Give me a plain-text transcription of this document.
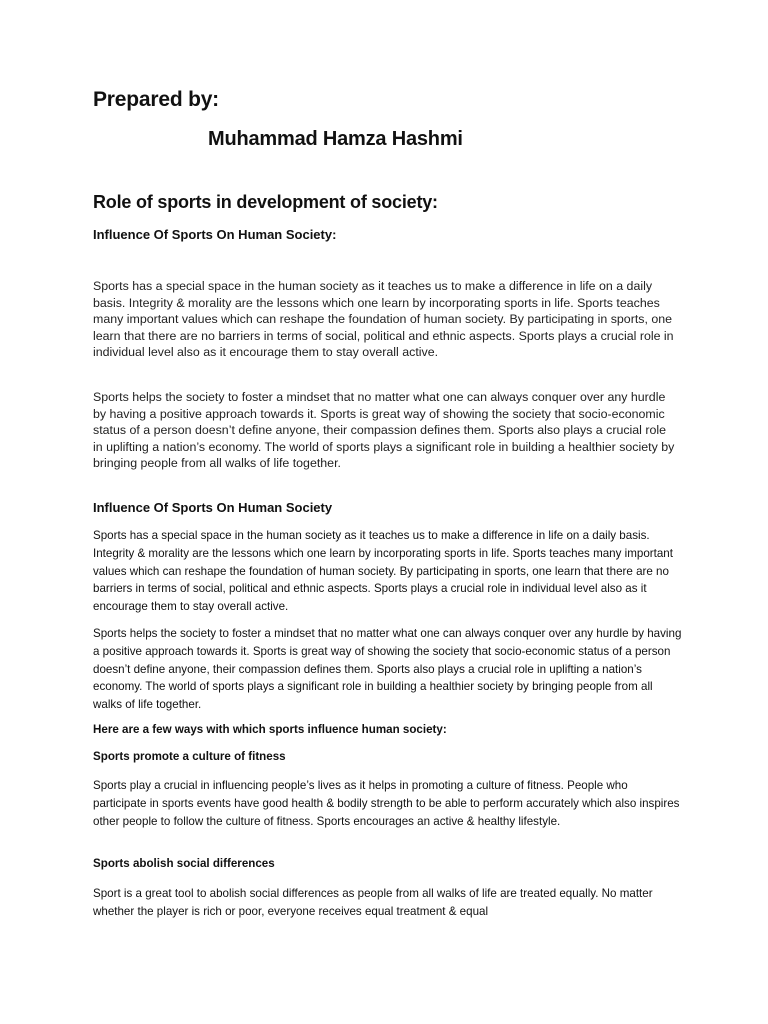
Prepared by:
Muhammad Hamza Hashmi
Role of sports in development of society:
Influence Of Sports On Human Society:

Sports has a special space in the human society as it teaches us to make a difference in life on a daily basis. Integrity & morality are the lessons which one learn by incorporating sports in life. Sports teaches many important values which can reshape the foundation of human society. By participating in sports, one learn that there are no barriers in terms of social, political and ethnic aspects. Sports plays a crucial role in individual level also as it encourage them to stay overall active.

Sports helps the society to foster a mindset that no matter what one can always conquer over any hurdle by having a positive approach towards it. Sports is great way of showing the society that socio-economic status of a person doesn’t define anyone, their compassion defines them. Sports also plays a crucial role in uplifting a nation’s economy. The world of sports plays a significant role in building a healthier society by bringing people from all walks of life together.

Influence Of Sports On Human Society

Sports has a special space in the human society as it teaches us to make a difference in life on a daily basis. Integrity & morality are the lessons which one learn by incorporating sports in life. Sports teaches many important values which can reshape the foundation of human society. By participating in sports, one learn that there are no barriers in terms of social, political and ethnic aspects. Sports plays a crucial role in individual level also as it encourage them to stay overall active.

Sports helps the society to foster a mindset that no matter what one can always conquer over any hurdle by having a positive approach towards it. Sports is great way of showing the society that socio-economic status of a person doesn’t define anyone, their compassion defines them. Sports also plays a crucial role in uplifting a nation’s economy. The world of sports plays a significant role in building a healthier society by bringing people from all walks of life together.

Here are a few ways with which sports influence human society:

Sports promote a culture of fitness

Sports play a crucial in influencing people’s lives as it helps in promoting a culture of fitness. People who participate in sports events have good health & bodily strength to be able to perform accurately which also inspires other people to follow the culture of fitness. Sports encourages an active & healthy lifestyle.

Sports abolish social differences

Sport is a great tool to abolish social differences as people from all walks of life are treated equally. No matter whether the player is rich or poor, everyone receives equal treatment & equal
